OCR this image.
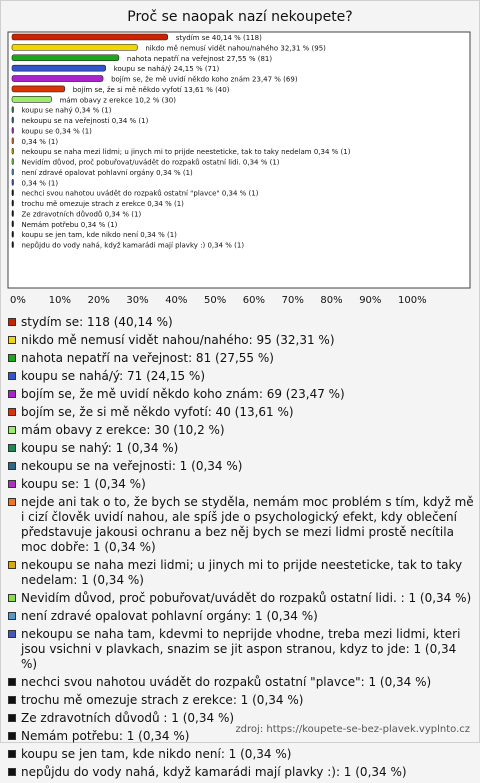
Proč se naopak nazí nekoupete?
stydím se 40,14 % (118)
nikdo mě nemusí vidět nahou/nahého 32,31 % (95)
nahota nepatří na veřejnost 27,55 % (81)
koupu se nahá/ý 24,15 % (71)
bojím se, že mě uvidí někdo koho znám 23,47 % (69)
bojím se, že si mě někdo vyfotí 13,61 % (40)
mám obavy z erekce 10,2 % (30)
koupu se nahý 0,34 % (1)
nekoupu se na veřejnosti 0,34 % (1)
koupu se 0,34 % (1)
0,34 % (1)
nekoupu se naha mezi lidmi; u jinych mi to prijde neesteticke, tak to taky nedelam 0,34 % (1)
Nevidím důvod, proč pobuřovat/uvádět do rozpaků ostatní lidi. 0,34 % (1)
není zdravé opalovat pohlavní orgány 0,34 % (1)
0,34 % (1)
nechci svou nahotou uvádět do rozpaků ostatní "plavce" 0,34 % (1)
trochu mě omezuje strach z erekce 0,34 % (1)
Ze zdravotních důvodů 0,34 % (1)
Nemám potřebu 0,34 % (1)
koupu se jen tam, kde nikdo není 0,34 % (1)
nepůjdu do vody nahá, když kamarádi mají plavky :) 0,34 % (1)
0% 10% 20% 30% 40% 50% 60% 70% 80% 90% 100%
stydím se: 118 (40,14 %)
nikdo mě nemusí vidět nahou/nahého: 95 (32,31 %)
nahota nepatří na veřejnost: 81 (27,55 %)
koupu se nahá/ý: 71 (24,15 %)
bojím se, že mě uvidí někdo koho znám: 69 (23,47 %)
bojím se, že si mě někdo vyfotí: 40 (13,61 %)
mám obavy z erekce: 30 (10,2 %)
koupu se nahý: 1 (0,34 %)
nekoupu se na veřejnosti: 1 (0,34 %)
koupu se: 1 (0,34 %)
nejde ani tak o to, že bych se styděla, nemám moc problém s tím, když mě i cizí člověk uvidí nahou, ale spíš jde o psychologický efekt, kdy oblečení představuje jakousi ochranu a bez něj bych se mezi lidmi prostě necítila moc dobře: 1 (0,34 %)
nekoupu se naha mezi lidmi; u jinych mi to prijde neesteticke, tak to taky nedelam: 1 (0,34 %)
Nevidím důvod, proč pobuřovat/uvádět do rozpaků ostatní lidi. : 1 (0,34 %)
není zdravé opalovat pohlavní orgány: 1 (0,34 %)
nekoupu se naha tam, kdevmi to neprijde vhodne, treba mezi lidmi, kteri jsou vsichni v plavkach, snazim se jit aspon stranou, kdyz to jde: 1 (0,34 %)
nechci svou nahotou uvádět do rozpaků ostatní "plavce": 1 (0,34 %)
trochu mě omezuje strach z erekce: 1 (0,34 %)
Ze zdravotních důvodů : 1 (0,34 %)
Nemám potřebu: 1 (0,34 %)
koupu se jen tam, kde nikdo není: 1 (0,34 %)
nepůjdu do vody nahá, když kamarádi mají plavky :): 1 (0,34 %)
zdroj: https://koupete-se-bez-plavek.vyplnto.cz
